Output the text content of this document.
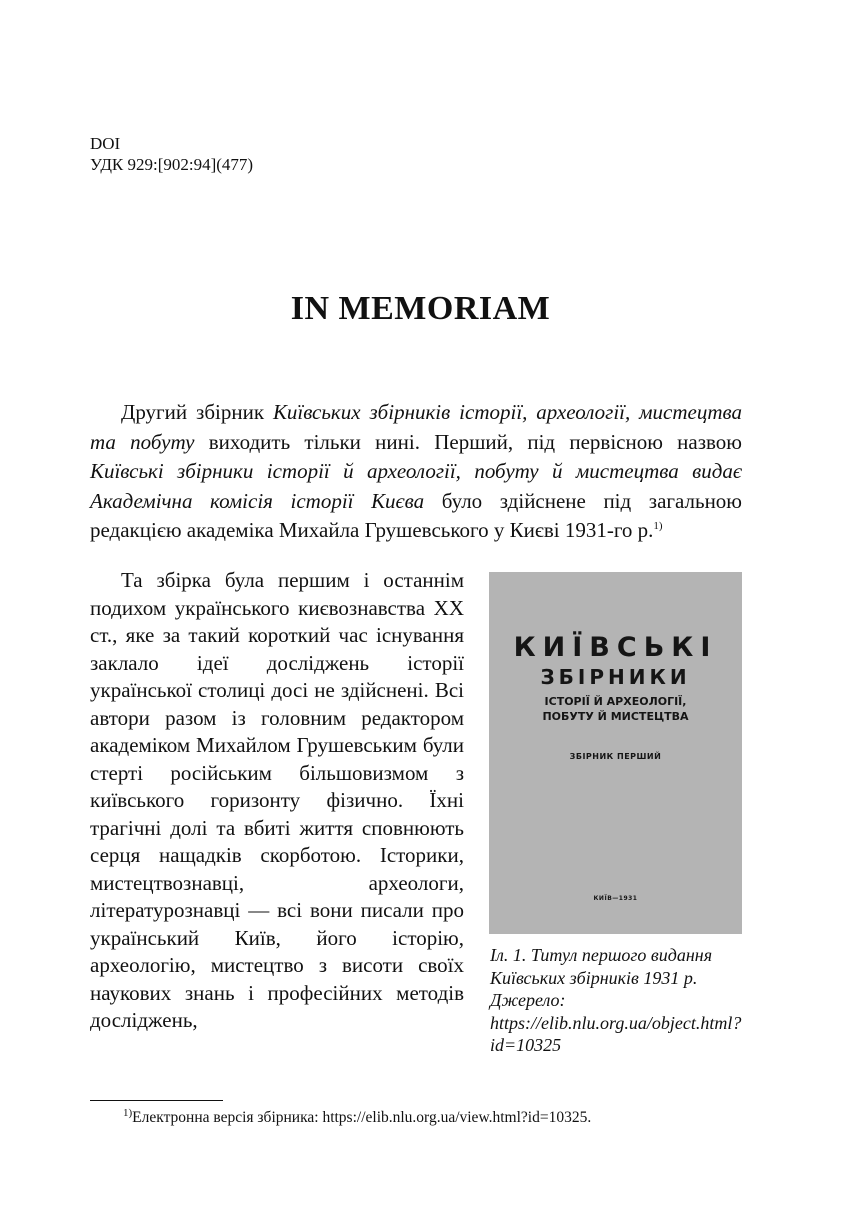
DOI
УДК 929:[902:94](477)
IN MEMORIAM

Другий збірник Київських збірників історії, археології, мистецтва та побуту виходить тільки нині. Перший, під первісною назвою Київські збірники історії й археології, побуту й мистецтва видає Академічна комісія історії Києва було здійснене під загальною редакцією академіка Михайла Грушевського у Києві 1931-го р.$^{1)}$

Та збірка була першим і останнім подихом українського києвознавства XX ст., яке за такий короткий час існування заклало ідеї досліджень історії української столиці досі не здійснені. Всі автори разом із головним редактором академіком Михайлом Грушевським були стерті російським більшовизмом з київського горизонту фізично. Їхні трагічні долі та вбиті життя сповнюють серця нащадків скорботою. Історики, мистецтвознавці, археологи, літературознавці — всі вони писали про український Київ, його історію, археологію, мистецтво з висоти своїх наукових знань і професійних методів досліджень,

КИЇВСЬКІ
ЗБІРНИКИ
ІСТОРІЇ Й АРХЕОЛОГІЇ,
ПОБУТУ Й МИСТЕЦТВА
ЗБІРНИК ПЕРШИЙ
КИЇВ—1931
Іл. 1. Титул першого видання Київських збірників 1931 р. Джерело: https://elib.nlu.org.ua/object.html?id=10325
$^{1)}$Електронна версія збірника: https://elib.nlu.org.ua/view.html?id=10325.
